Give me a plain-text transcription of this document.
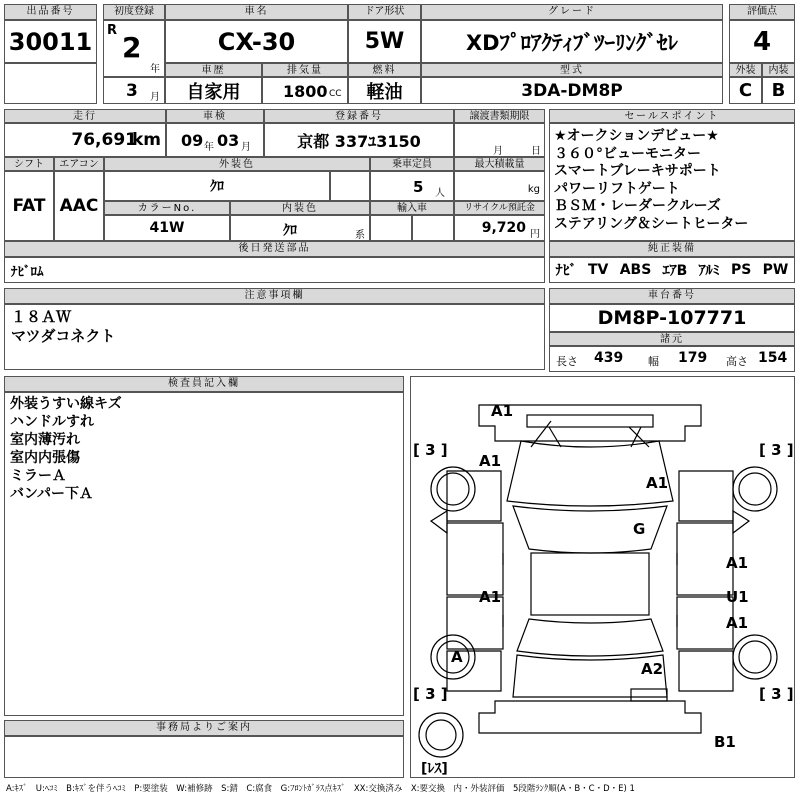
出品番号
30011
初度登録
R
2
年
3 月
車名
CX-30
ドア形状
5W
グレード
XDﾌﾟﾛｱｸﾃｨﾌﾞﾂｰﾘﾝｸﾞｾﾚ
評価点
4
車歴
自家用
排気量
1800 CC
燃料
軽油
型式
3DA-DM8P
外装	内装
C	B
走行
76,691
km
車検
09 年 03 月
登録番号
京都 337ﾕ3150
譲渡書類期限
月	日
シフト
FAT
エアコン
AAC
外装色
ｸﾛ
乗車定員
5 人
最大積載量
kg
カラーNo.
41W
内装色
ｸﾛ	系
輸入車	リサイクル預託金
9,720 円
後日発送部品
ﾅﾋﾞﾛﾑ
セールスポイント
★オークションデビュー★
３６０°ビューモニター
スマートブレーキサポート
パワーリフトゲート
ＢＳＭ・レーダークルーズ
ステアリング＆シートヒーター
純正装備
ﾅﾋﾞ TV ABS ｴｱB ｱﾙﾐ PS PW
注意事項欄
１８ＡＷ
マツダコネクト
車台番号
DM8P-107771
諸元
長さ 439 幅 179 高さ 154
検査員記入欄
外装うすい線キズ
ハンドルすれ
室内薄汚れ
室内内張傷
ミラーＡ
バンパー下Ａ
事務局よりご案内
A1
A1
A1
G
A1
A1	U1
A1
A
A2
B1
[ 3 ]	[ 3 ]
[ 3 ]	[ 3 ]
[ﾚｽ]
A:ｷｽﾞ　U:ﾍｺﾐ　B:ｷｽﾞを伴うﾍｺﾐ　P:要塗装　W:補修跡　S:錆　C:腐食　G:ﾌﾛﾝﾄｶﾞﾗｽ点ｷｽﾞ　XX:交換済み　X:要交換　内・外装評価　5段階ﾗﾝｸ順(A・B・C・D・E) 1
